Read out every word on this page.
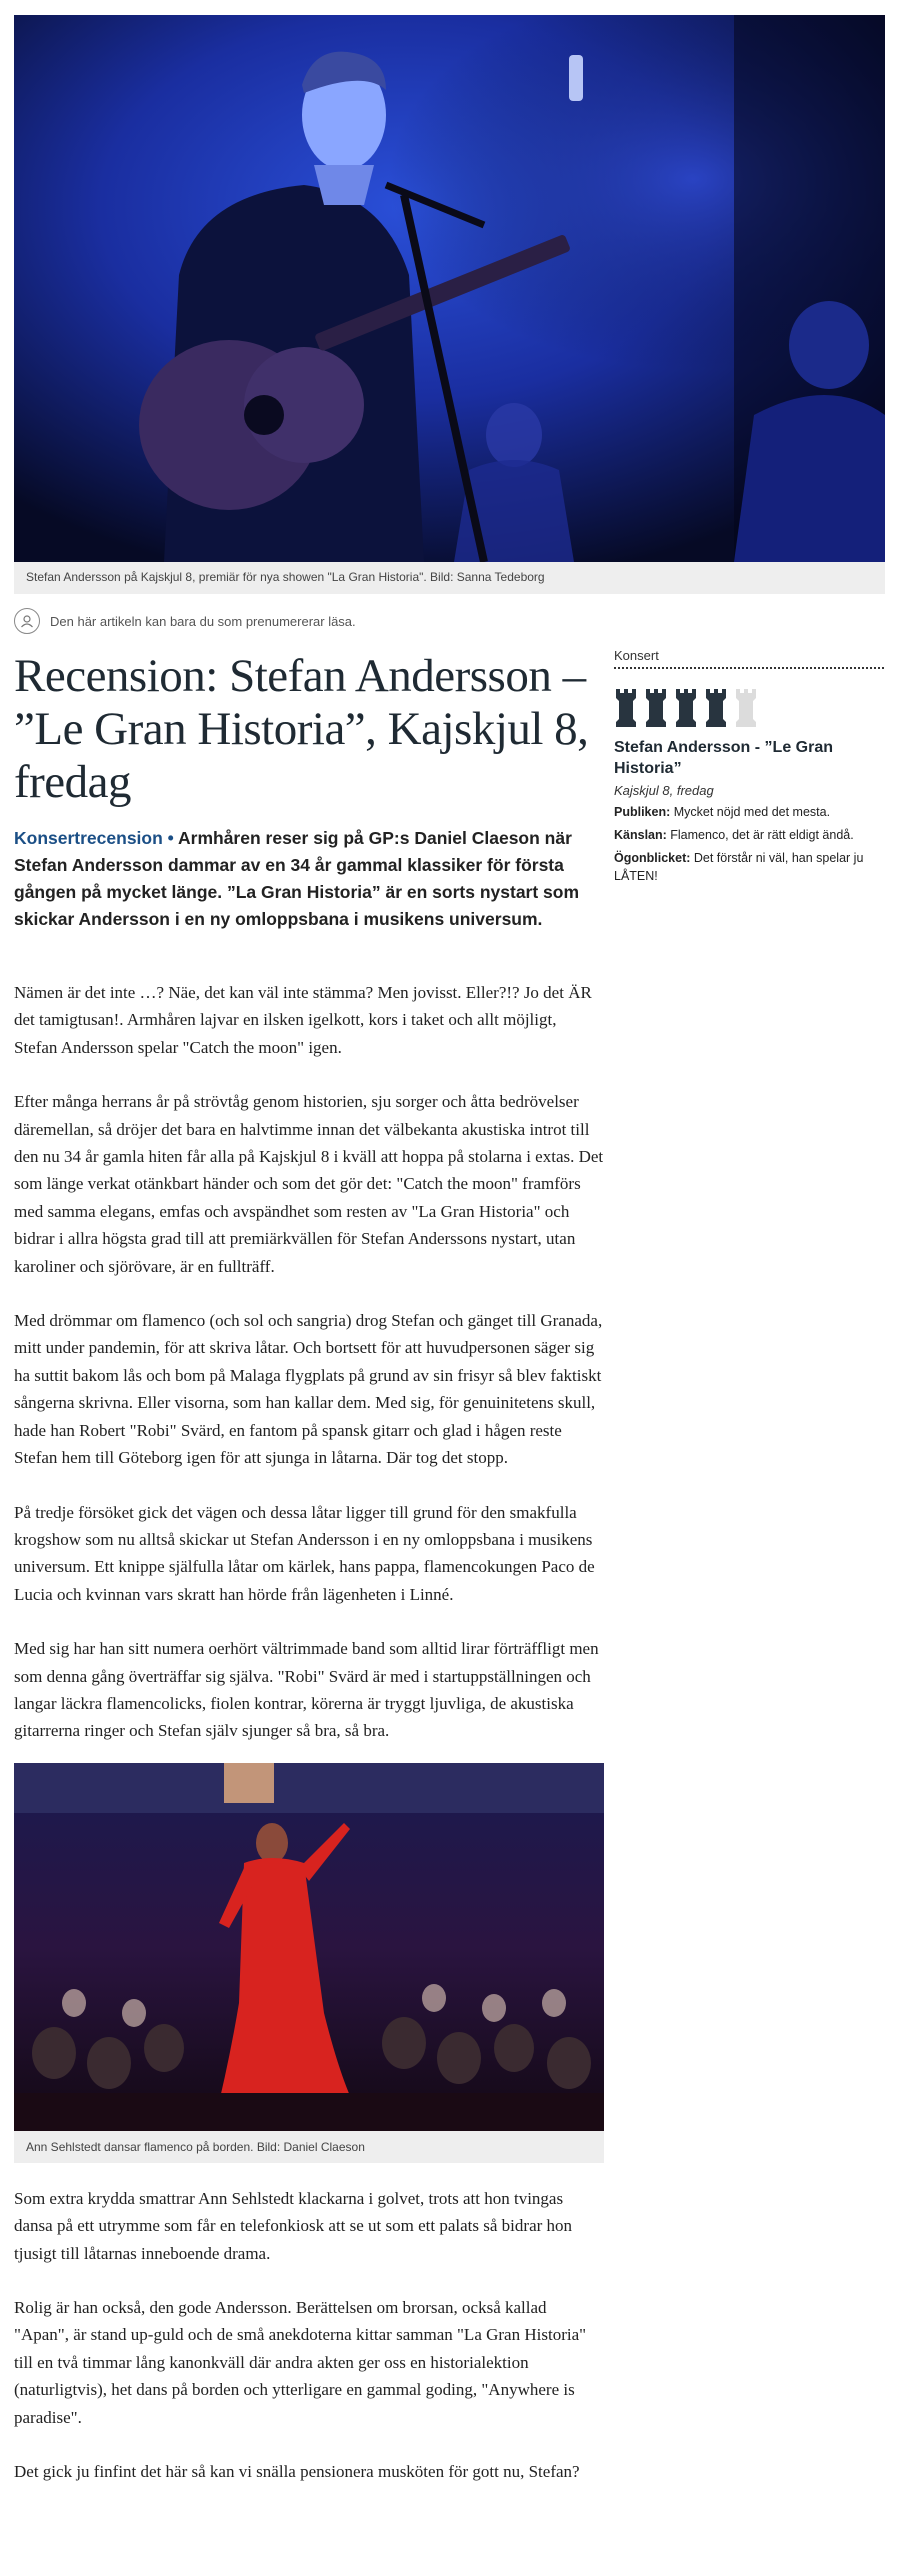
Stefan Andersson på Kajskjul 8, premiär för nya showen "La Gran Historia". Bild: Sanna Tedeborg
Den här artikeln kan bara du som prenumererar läsa.
Recension: Stefan Andersson – ”Le Gran Historia”, Kajskjul 8, fredag

Konsertrecension • Armhåren reser sig på GP:s Daniel Claeson när Stefan Andersson dammar av en 34 år gammal klassiker för första gången på mycket länge. ”La Gran Historia” är en sorts nystart som skickar Andersson i en ny omloppsbana i musikens universum.

Nämen är det inte …? Näe, det kan väl inte stämma? Men jovisst. Eller?!? Jo det ÄR det tamigtusan!. Armhåren lajvar en ilsken igelkott, kors i taket och allt möjligt, Stefan Andersson spelar "Catch the moon" igen.

Efter många herrans år på strövtåg genom historien, sju sorger och åtta bedrövelser däremellan, så dröjer det bara en halvtimme innan det välbekanta akustiska introt till den nu 34 år gamla hiten får alla på Kajskjul 8 i kväll att hoppa på stolarna i extas. Det som länge verkat otänkbart händer och som det gör det: "Catch the moon" framförs med samma elegans, emfas och avspändhet som resten av "La Gran Historia" och bidrar i allra högsta grad till att premiärkvällen för Stefan Anderssons nystart, utan karoliner och sjörövare, är en fullträff.

Med drömmar om flamenco (och sol och sangria) drog Stefan och gänget till Granada, mitt under pandemin, för att skriva låtar. Och bortsett för att huvudpersonen säger sig ha suttit bakom lås och bom på Malaga flygplats på grund av sin frisyr så blev faktiskt sångerna skrivna. Eller visorna, som han kallar dem. Med sig, för genuinitetens skull, hade han Robert "Robi" Svärd, en fantom på spansk gitarr och glad i hågen reste Stefan hem till Göteborg igen för att sjunga in låtarna. Där tog det stopp.

På tredje försöket gick det vägen och dessa låtar ligger till grund för den smakfulla krogshow som nu alltså skickar ut Stefan Andersson i en ny omloppsbana i musikens universum. Ett knippe själfulla låtar om kärlek, hans pappa, flamencokungen Paco de Lucia och kvinnan vars skratt han hörde från lägenheten i Linné.

Med sig har han sitt numera oerhört vältrimmade band som alltid lirar förträffligt men som denna gång överträffar sig själva. "Robi" Svärd är med i startuppställningen och langar läckra flamencolicks, fiolen kontrar, körerna är tryggt ljuvliga, de akustiska gitarrerna ringer och Stefan själv sjunger så bra, så bra.

Ann Sehlstedt dansar flamenco på borden. Bild: Daniel Claeson

Som extra krydda smattrar Ann Sehlstedt klackarna i golvet, trots att hon tvingas dansa på ett utrymme som får en telefonkiosk att se ut som ett palats så bidrar hon tjusigt till låtarnas inneboende drama.

Rolig är han också, den gode Andersson. Berättelsen om brorsan, också kallad "Apan", är stand up-guld och de små anekdoterna kittar samman "La Gran Historia" till en två timmar lång kanonkväll där andra akten ger oss en historialektion (naturligtvis), het dans på borden och ytterligare en gammal goding, "Anywhere is paradise".

Det gick ju finfint det här så kan vi snälla pensionera musköten för gott nu, Stefan?

Konsert
Stefan Andersson - ”Le Gran Historia”
Kajskjul 8, fredag
Publiken: Mycket nöjd med det mesta.
Känslan: Flamenco, det är rätt eldigt ändå.
Ögonblicket: Det förstår ni väl, han spelar ju LÅTEN!
